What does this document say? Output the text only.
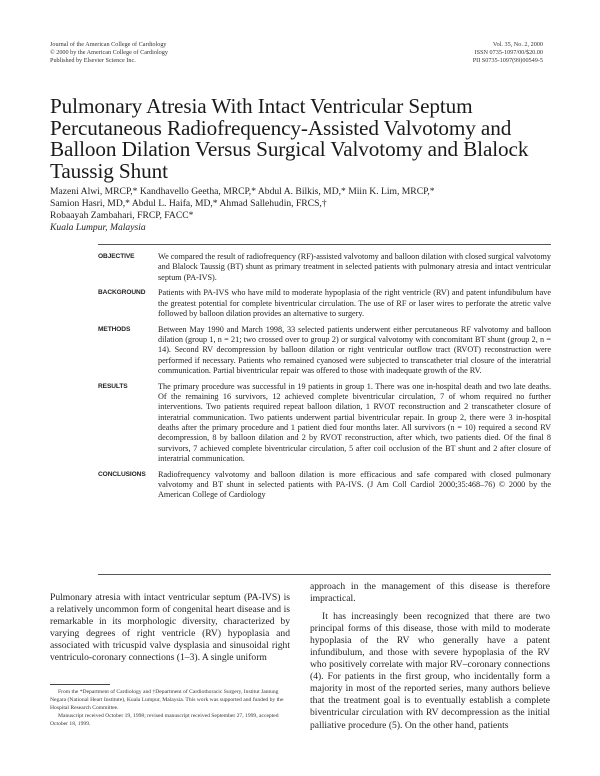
Journal of the American College of Cardiology
© 2000 by the American College of Cardiology
Published by Elsevier Science Inc.
Vol. 35, No. 2, 2000
ISSN 0735-1097/00/$20.00
PII S0735-1097(99)00549-5
Pulmonary Atresia With Intact Ventricular Septum Percutaneous Radiofrequency-Assisted Valvotomy and Balloon Dilation Versus Surgical Valvotomy and Blalock Taussig Shunt
Mazeni Alwi, MRCP,* Kandhavello Geetha, MRCP,* Abdul A. Bilkis, MD,* Miin K. Lim, MRCP,*
Samion Hasri, MD,* Abdul L. Haifa, MD,* Ahmad Sallehudin, FRCS,†
Robaayah Zambahari, FRCP, FACC*
Kuala Lumpur, Malaysia
OBJECTIVE	We compared the result of radiofrequency (RF)-assisted valvotomy and balloon dilation with closed surgical valvotomy and Blalock Taussig (BT) shunt as primary treatment in selected patients with pulmonary atresia and intact ventricular septum (PA-IVS).
BACKGROUND	Patients with PA-IVS who have mild to moderate hypoplasia of the right ventricle (RV) and patent infundibulum have the greatest potential for complete biventricular circulation. The use of RF or laser wires to perforate the atretic valve followed by balloon dilation provides an alternative to surgery.
METHODS	Between May 1990 and March 1998, 33 selected patients underwent either percutaneous RF valvotomy and balloon dilation (group 1, n = 21; two crossed over to group 2) or surgical valvotomy with concomitant BT shunt (group 2, n = 14). Second RV decompression by balloon dilation or right ventricular outflow tract (RVOT) reconstruction were performed if necessary. Patients who remained cyanosed were subjected to transcatheter trial closure of the interatrial communication. Partial biventricular repair was offered to those with inadequate growth of the RV.
RESULTS	The primary procedure was successful in 19 patients in group 1. There was one in-hospital death and two late deaths. Of the remaining 16 survivors, 12 achieved complete biventricular circulation, 7 of whom required no further interventions. Two patients required repeat balloon dilation, 1 RVOT reconstruction and 2 transcatheter closure of interatrial communication. Two patients underwent partial biventricular repair. In group 2, there were 3 in-hospital deaths after the primary procedure and 1 patient died four months later. All survivors (n = 10) required a second RV decompression, 8 by balloon dilation and 2 by RVOT reconstruction, after which, two patients died. Of the final 8 survivors, 7 achieved complete biventricular circulation, 5 after coil occlusion of the BT shunt and 2 after closure of interatrial communication.
CONCLUSIONS	Radiofrequency valvotomy and balloon dilation is more efficacious and safe compared with closed pulmonary valvotomy and BT shunt in selected patients with PA-IVS. (J Am Coll Cardiol 2000;35:468–76) © 2000 by the American College of Cardiology

Pulmonary atresia with intact ventricular septum (PA-IVS) is a relatively uncommon form of congenital heart disease and is remarkable in its morphologic diversity, characterized by varying degrees of right ventricle (RV) hypoplasia and associated with tricuspid valve dysplasia and sinusoidal right ventriculo-coronary connections (1–3). A single uniform

approach in the management of this disease is therefore impractical.

It has increasingly been recognized that there are two principal forms of this disease, those with mild to moderate hypoplasia of the RV who generally have a patent infundibulum, and those with severe hypoplasia of the RV who positively correlate with major RV–coronary connections (4). For patients in the first group, who incidentally form a majority in most of the reported series, many authors believe that the treatment goal is to eventually establish a complete biventricular circulation with RV decompression as the initial palliative procedure (5). On the other hand, patients

From the *Department of Cardiology and †Department of Cardiothoracic Surgery, Institut Jantung Negara (National Heart Institute), Kuala Lumpur, Malaysia. This work was supported and funded by the Hospital Research Committee.

Manuscript received October 19, 1998; revised manuscript received September 27, 1999, accepted October 18, 1999.
